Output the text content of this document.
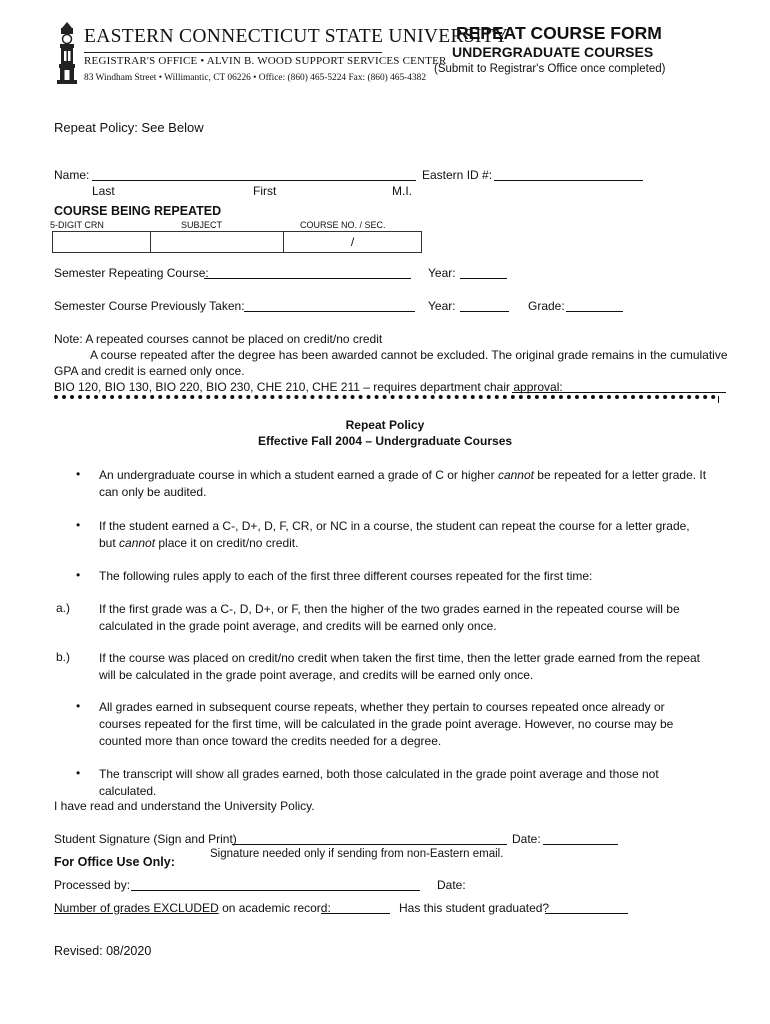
EASTERN CONNECTICUT STATE UNIVERSITY
REGISTRAR'S OFFICE • ALVIN B. WOOD SUPPORT SERVICES CENTER
83 Windham Street • Willimantic, CT 06226 • Office: (860) 465-5224 Fax: (860) 465-4382
REPEAT COURSE FORM
UNDERGRADUATE COURSES
(Submit to Registrar's Office once completed)
Repeat Policy: See Below
Name:	Eastern ID #:
Last	First	M.I.
COURSE BEING REPEATED
5-DIGIT CRN	SUBJECT	COURSE NO. / SEC.
		/
Semester Repeating Course:	Year:
Semester Course Previously Taken:	Year:	Grade:
Note: A repeated courses cannot be placed on credit/no credit
A course repeated after the degree has been awarded cannot be excluded. The original grade remains in the cumulative
GPA and credit is earned only once.
BIO 120, BIO 130, BIO 220, BIO 230, CHE 210, CHE 211 – requires department chair approval:
Repeat Policy
Effective Fall 2004 – Undergraduate Courses
• An undergraduate course in which a student earned a grade of C or higher cannot be repeated for a letter grade. It can only be audited.
• If the student earned a C-, D+, D, F, CR, or NC in a course, the student can repeat the course for a letter grade, but cannot place it on credit/no credit.
• The following rules apply to each of the first three different courses repeated for the first time:
a.) If the first grade was a C-, D, D+, or F, then the higher of the two grades earned in the repeated course will be calculated in the grade point average, and credits will be earned only once.
b.) If the course was placed on credit/no credit when taken the first time, then the letter grade earned from the repeat will be calculated in the grade point average, and credits will be earned only once.
• All grades earned in subsequent course repeats, whether they pertain to courses repeated once already or courses repeated for the first time, will be calculated in the grade point average. However, no course may be counted more than once toward the credits needed for a degree.
• The transcript will show all grades earned, both those calculated in the grade point average and those not calculated.
I have read and understand the University Policy.
Student Signature (Sign and Print)	Date:
Signature needed only if sending from non-Eastern email.
For Office Use Only:
Processed by:	Date:
Number of grades EXCLUDED on academic record:	Has this student graduated?
Revised: 08/2020
